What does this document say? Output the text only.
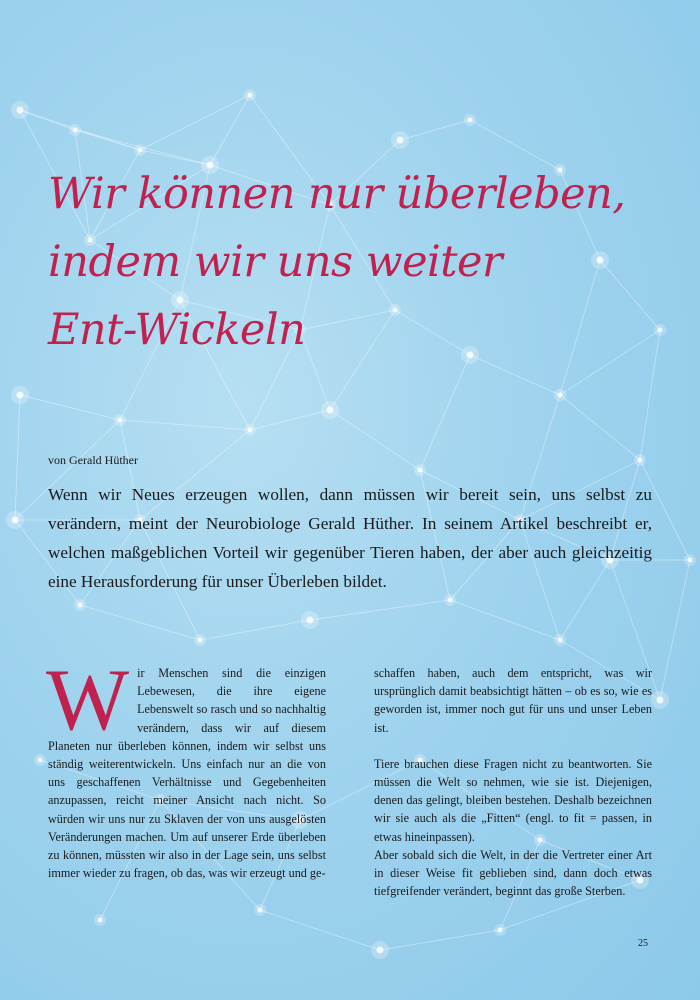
Wir können nur überleben,
indem wir uns weiter
Ent-Wickeln
von Gerald Hüther
Wenn wir Neues erzeugen wollen, dann müssen wir bereit sein, uns selbst zu verändern, meint der Neurobiologe Gerald Hüther. In seinem Artikel beschreibt er, welchen maßgeblichen Vorteil wir gegenüber Tieren haben, der aber auch gleichzeitig eine Herausforderung für unser Überleben bildet.
W ir Menschen sind die einzigen Lebewesen, die ihre eigene Lebenswelt so rasch und so nachhaltig verändern, dass wir auf diesem Planeten nur überleben können, indem wir selbst uns ständig weiterentwickeln. Uns einfach nur an die von uns geschaffenen Verhältnisse und Gegebenheiten anzupassen, reicht meiner Ansicht nach nicht. So würden wir uns nur zu Sklaven der von uns ausgelösten Veränderungen machen. Um auf unserer Erde überleben zu können, müssten wir also in der Lage sein, uns selbst immer wieder zu fragen, ob das, was wir erzeugt und ge-

schaffen haben, auch dem entspricht, was wir ursprünglich damit beabsichtigt hätten – ob es so, wie es geworden ist, immer noch gut für uns und unser Leben ist.

Tiere brauchen diese Fragen nicht zu beantworten. Sie müssen die Welt so nehmen, wie sie ist. Diejenigen, denen das gelingt, bleiben bestehen. Deshalb bezeichnen wir sie auch als die „Fitten“ (engl. to fit = passen, in etwas hineinpassen).

Aber sobald sich die Welt, in der die Vertreter einer Art in dieser Weise fit geblieben sind, dann doch etwas tiefgreifender verändert, beginnt das große Sterben.

25
